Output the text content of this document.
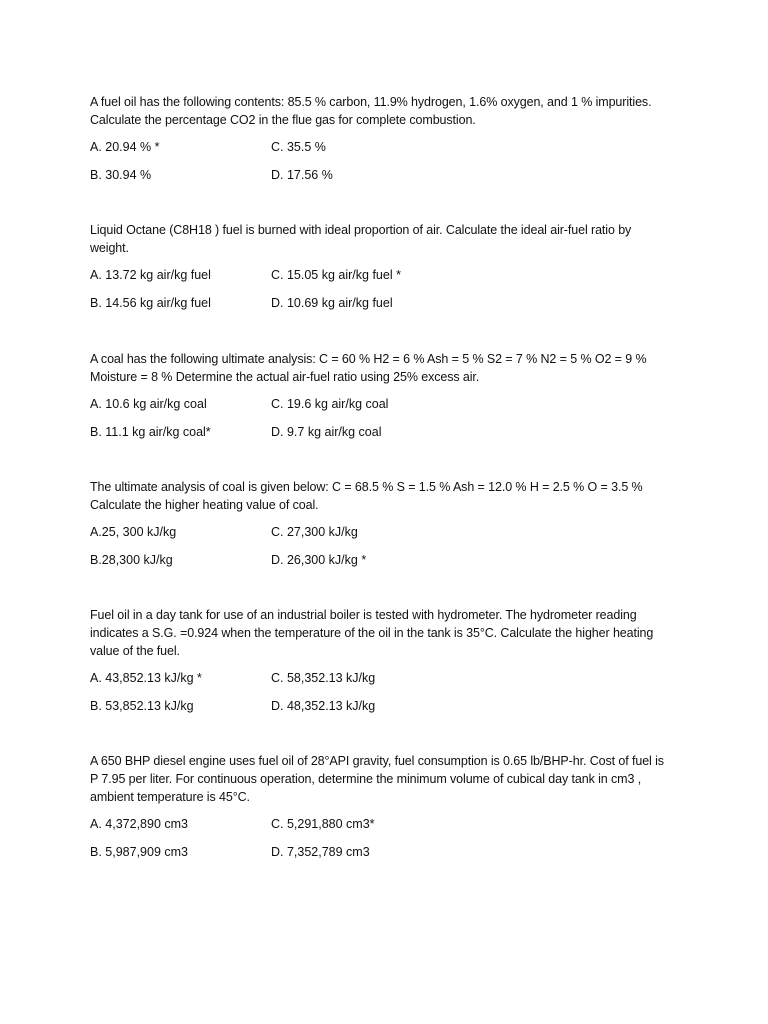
A fuel oil has the following contents: 85.5 % carbon, 11.9% hydrogen, 1.6% oxygen, and 1 % impurities. Calculate the percentage CO2 in the flue gas for complete combustion.

A. 20.94 % *	C. 35.5 %
B. 30.94 %	D. 17.56 %

Liquid Octane (C8H18 ) fuel is burned with ideal proportion of air. Calculate the ideal air-fuel ratio by weight.

A. 13.72 kg air/kg fuel	C. 15.05 kg air/kg fuel *
B. 14.56 kg air/kg fuel	D. 10.69 kg air/kg fuel

A coal has the following ultimate analysis: C = 60 % H2 = 6 % Ash = 5 % S2 = 7 % N2 = 5 % O2 = 9 % Moisture = 8 % Determine the actual air-fuel ratio using 25% excess air.

A. 10.6 kg air/kg coal	C. 19.6 kg air/kg coal
B. 11.1 kg air/kg coal*	D. 9.7 kg air/kg coal

The ultimate analysis of coal is given below: C = 68.5 % S = 1.5 % Ash = 12.0 % H = 2.5 % O = 3.5 % Calculate the higher heating value of coal.

A.25, 300 kJ/kg	C. 27,300 kJ/kg
B.28,300 kJ/kg	D. 26,300 kJ/kg *

Fuel oil in a day tank for use of an industrial boiler is tested with hydrometer. The hydrometer reading indicates a S.G. =0.924 when the temperature of the oil in the tank is 35°C. Calculate the higher heating value of the fuel.

A. 43,852.13 kJ/kg *	C. 58,352.13 kJ/kg
B. 53,852.13 kJ/kg	D. 48,352.13 kJ/kg

A 650 BHP diesel engine uses fuel oil of 28°API gravity, fuel consumption is 0.65 lb/BHP-hr. Cost of fuel is P 7.95 per liter. For continuous operation, determine the minimum volume of cubical day tank in cm3 , ambient temperature is 45°C.

A. 4,372,890 cm3	C. 5,291,880 cm3*
B. 5,987,909 cm3	D. 7,352,789 cm3
